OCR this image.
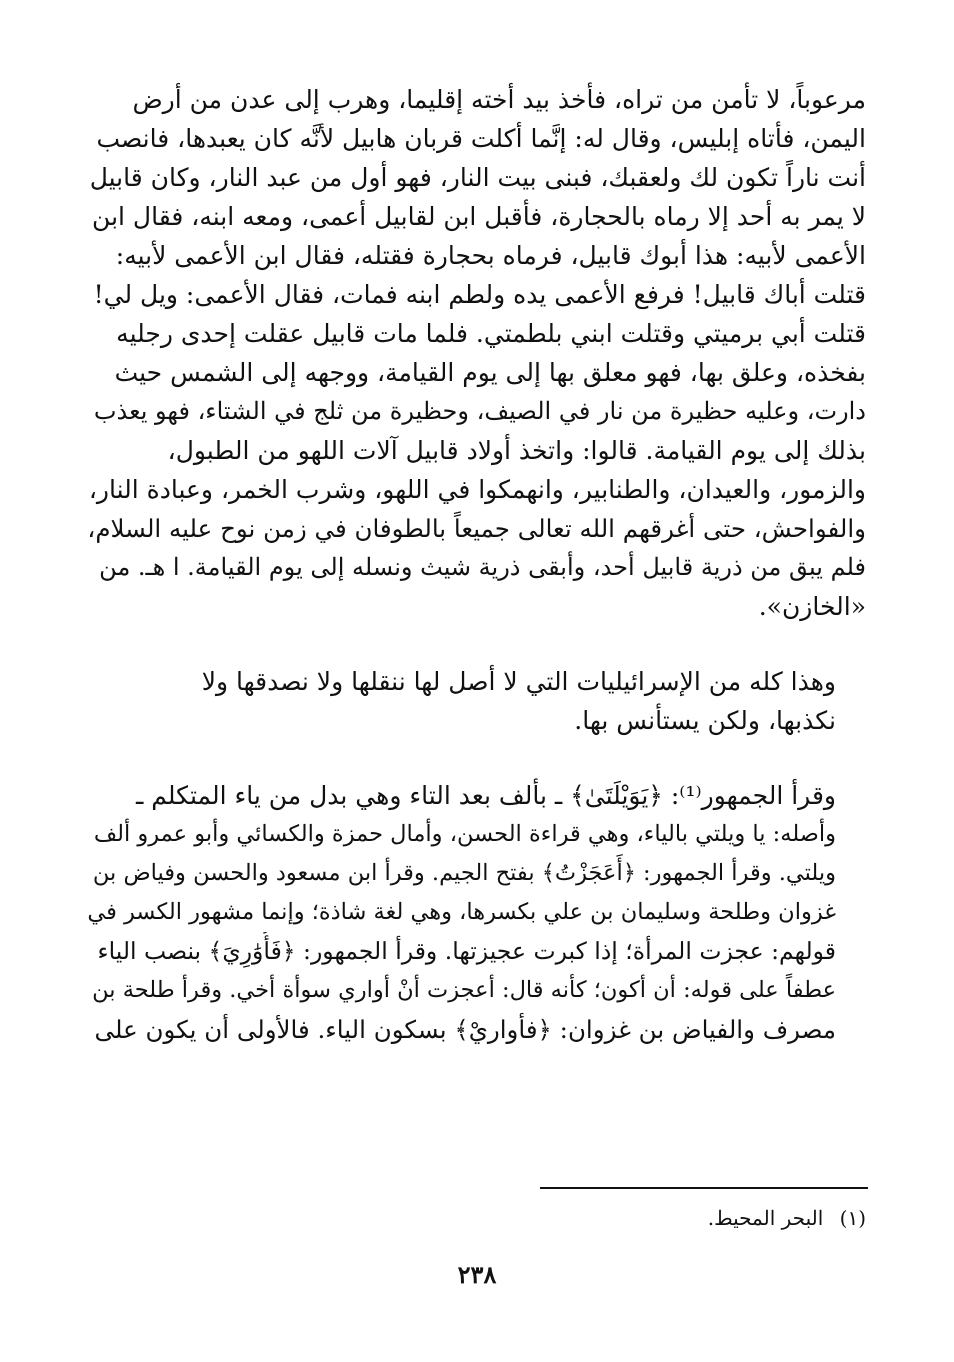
مرعوباً، لا تأمن من تراه، فأخذ بيد أخته إقليما، وهرب إلى عدن من أرض
اليمن، فأتاه إبليس، وقال له: إنَّما أكلت قربان هابيل لأنَّه كان يعبدها، فانصب
أنت ناراً تكون لك ولعقبك، فبنى بيت النار، فهو أول من عبد النار، وكان قابيل
لا يمر به أحد إلا رماه بالحجارة، فأقبل ابن لقابيل أعمى، ومعه ابنه، فقال ابن
الأعمى لأبيه: هذا أبوك قابيل، فرماه بحجارة فقتله، فقال ابن الأعمى لأبيه:
قتلت أباك قابيل! فرفع الأعمى يده ولطم ابنه فمات، فقال الأعمى: ويل لي!
قتلت أبي برميتي وقتلت ابني بلطمتي. فلما مات قابيل عقلت إحدى رجليه
بفخذه، وعلق بها، فهو معلق بها إلى يوم القيامة، ووجهه إلى الشمس حيث
دارت، وعليه حظيرة من نار في الصيف، وحظيرة من ثلج في الشتاء، فهو يعذب
بذلك إلى يوم القيامة. قالوا: واتخذ أولاد قابيل آلات اللهو من الطبول،
والزمور، والعيدان، والطنابير، وانهمكوا في اللهو، وشرب الخمر، وعبادة النار،
والفواحش، حتى أغرقهم الله تعالى جميعاً بالطوفان في زمن نوح عليه السلام،
فلم يبق من ذرية قابيل أحد، وأبقى ذرية شيث ونسله إلى يوم القيامة. ا هـ. من
«الخازن».

وهذا كله من الإسرائيليات التي لا أصل لها ننقلها ولا نصدقها ولا
نكذبها، ولكن يستأنس بها.

وقرأ الجمهور⁽¹⁾: ﴿يَوَيْلَتَىٰ﴾ ـ بألف بعد التاء وهي بدل من ياء المتكلم ـ
وأصله: يا ويلتي بالياء، وهي قراءة الحسن، وأمال حمزة والكسائي وأبو عمرو ألف
ويلتي. وقرأ الجمهور: ﴿أَعَجَزْتُ﴾ بفتح الجيم. وقرأ ابن مسعود والحسن وفياض بن
غزوان وطلحة وسليمان بن علي بكسرها، وهي لغة شاذة؛ وإنما مشهور الكسر في
قولهم: عجزت المرأة؛ إذا كبرت عجيزتها. وقرأ الجمهور: ﴿فَأُوَٰرِيَ﴾ بنصب الياء
عطفاً على قوله: أن أكون؛ كأنه قال: أعجزت أنْ أواري سوأة أخي. وقرأ طلحة بن
مصرف والفياض بن غزوان: ﴿فأواريْ﴾ بسكون الياء. فالأولى أن يكون على

(١) البحر المحيط.
٢٣٨
